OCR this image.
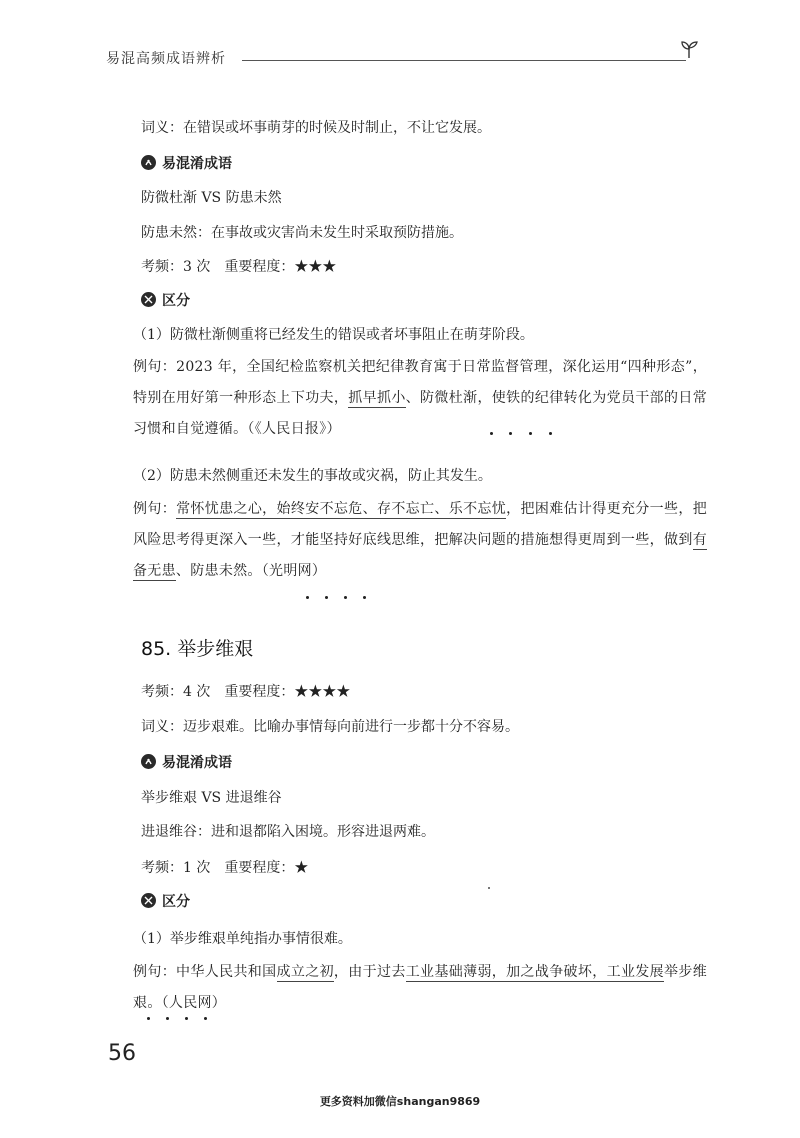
易混高频成语辨析
词义：在错误或坏事萌芽的时候及时制止，不让它发展。
易混淆成语
防微杜渐 VS 防患未然
防患未然：在事故或灾害尚未发生时采取预防措施。
考频：3 次　重要程度：★★★
区分
（1）防微杜渐侧重将已经发生的错误或者坏事阻止在萌芽阶段。
例句：2023 年，全国纪检监察机关把纪律教育寓于日常监督管理，深化运用“四种形态”，特别在用好第一种形态上下功夫，抓早抓小、防微杜渐，使铁的纪律转化为党员干部的日常习惯和自觉遵循。（《人民日报》）
（2）防患未然侧重还未发生的事故或灾祸，防止其发生。
例句：常怀忧患之心，始终安不忘危、存不忘亡、乐不忘忧，把困难估计得更充分一些，把风险思考得更深入一些，才能坚持好底线思维，把解决问题的措施想得更周到一些，做到有备无患、防患未然。（光明网）
85. 举步维艰
考频：4 次　重要程度：★★★★
词义：迈步艰难。比喻办事情每向前进行一步都十分不容易。
易混淆成语
举步维艰 VS 进退维谷
进退维谷：进和退都陷入困境。形容进退两难。
考频：1 次　重要程度：★
区分
（1）举步维艰单纯指办事情很难。
例句：中华人民共和国成立之初，由于过去工业基础薄弱，加之战争破坏，工业发展举步维艰。（人民网）
56
更多资料加微信shangan9869
